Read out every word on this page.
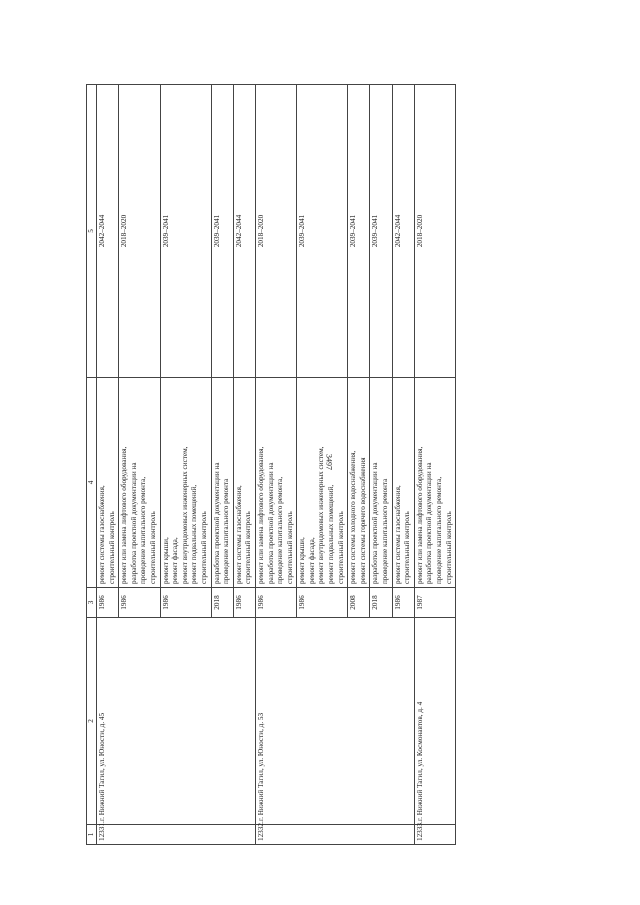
3497
1	2	3	4	5
12331.	г. Нижний Тагил, ул. Юности, д. 45	1986	ремонт системы газоснабжения, строительный контроль	2042–2044
		1986	ремонт или замена лифтового оборудования, разработка проектной документации на проведение капитального ремонта, строительный контроль	2018–2020
		1986	ремонт крыши, ремонт фасада, ремонт внутридомовых инженерных систем, ремонт подвальных помещений, строительный контроль	2039–2041
		2018	разработка проектной документации на проведение капитального ремонта	2039–2041
		1986	ремонт системы газоснабжения, строительный контроль	2042–2044
12332.	г. Нижний Тагил, ул. Юности, д. 53	1986	ремонт или замена лифтового оборудования, разработка проектной документации на проведение капитального ремонта, строительный контроль	2018–2020
		1986	ремонт крыши, ремонт фасада, ремонт внутридомовых инженерных систем, ремонт подвальных помещений, строительный контроль	2039–2041
		2008	ремонт системы холодного водоснабжения, ремонт системы горячего водоснабжения	2039–2041
		2018	разработка проектной документации на проведение капитального ремонта	2039–2041
		1986	ремонт системы газоснабжения, строительный контроль	2042–2044
12333.	г. Нижний Тагил, ул. Космонавтов, д. 4	1987	ремонт или замена лифтового оборудования, разработка проектной документации на проведение капитального ремонта, строительный контроль	2018–2020
